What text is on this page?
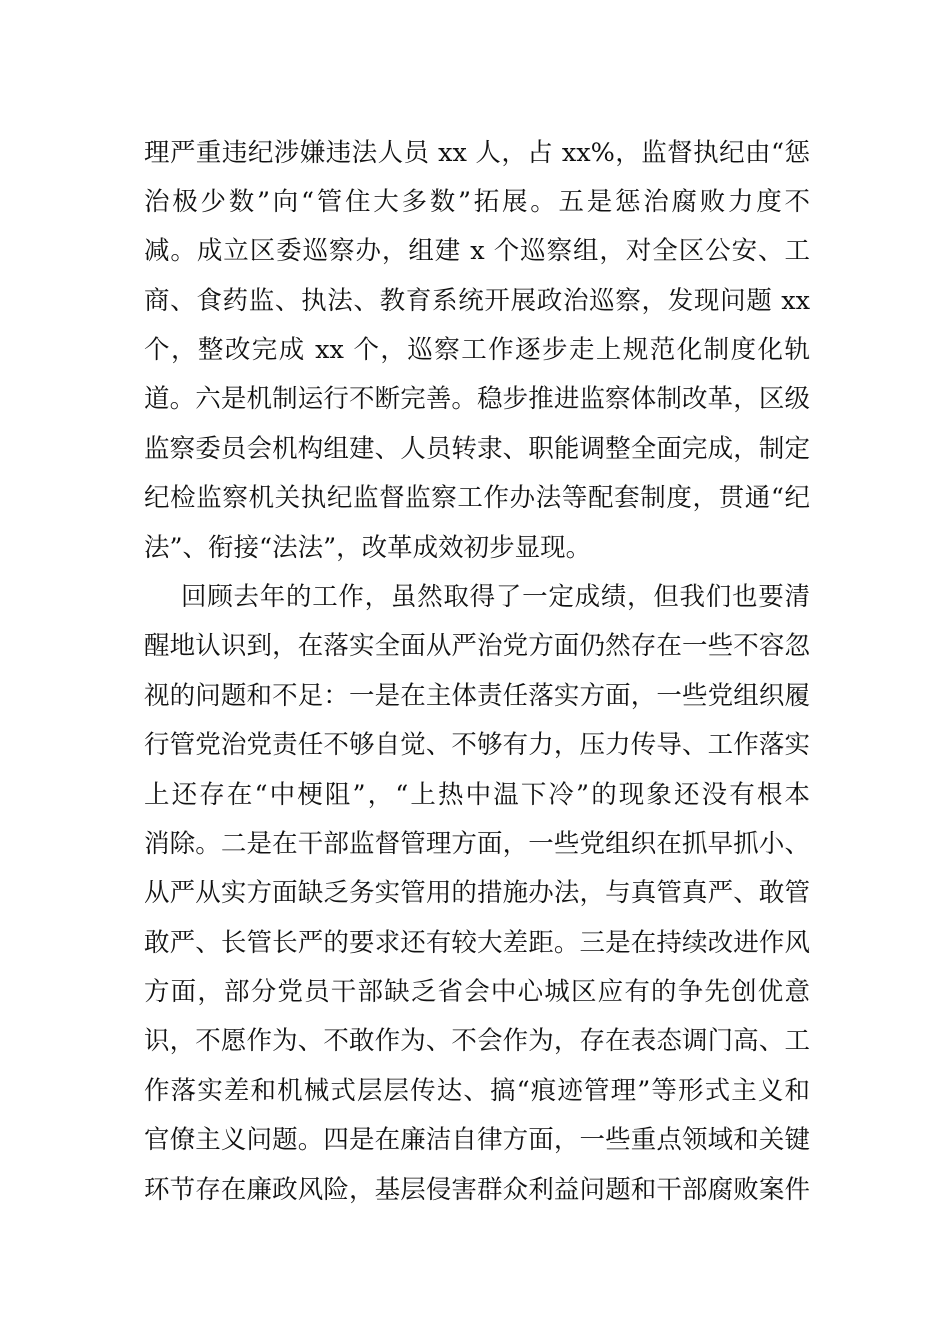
理严重违纪涉嫌违法人员 xx 人，占 xx%，监督执纪由“惩
治极少数”向“管住大多数”拓展。五是惩治腐败力度不
减。成立区委巡察办，组建 x 个巡察组，对全区公安、工
商、食药监、执法、教育系统开展政治巡察，发现问题 xx
个，整改完成 xx 个，巡察工作逐步走上规范化制度化轨
道。六是机制运行不断完善。稳步推进监察体制改革，区级
监察委员会机构组建、人员转隶、职能调整全面完成，制定
纪检监察机关执纪监督监察工作办法等配套制度，贯通“纪
法”、衔接“法法”，改革成效初步显现。
回顾去年的工作，虽然取得了一定成绩，但我们也要清
醒地认识到，在落实全面从严治党方面仍然存在一些不容忽
视的问题和不足：一是在主体责任落实方面，一些党组织履
行管党治党责任不够自觉、不够有力，压力传导、工作落实
上还存在“中梗阻”，“上热中温下冷”的现象还没有根本
消除。二是在干部监督管理方面，一些党组织在抓早抓小、
从严从实方面缺乏务实管用的措施办法，与真管真严、敢管
敢严、长管长严的要求还有较大差距。三是在持续改进作风
方面，部分党员干部缺乏省会中心城区应有的争先创优意
识，不愿作为、不敢作为、不会作为，存在表态调门高、工
作落实差和机械式层层传达、搞“痕迹管理”等形式主义和
官僚主义问题。四是在廉洁自律方面，一些重点领域和关键
环节存在廉政风险，基层侵害群众利益问题和干部腐败案件
